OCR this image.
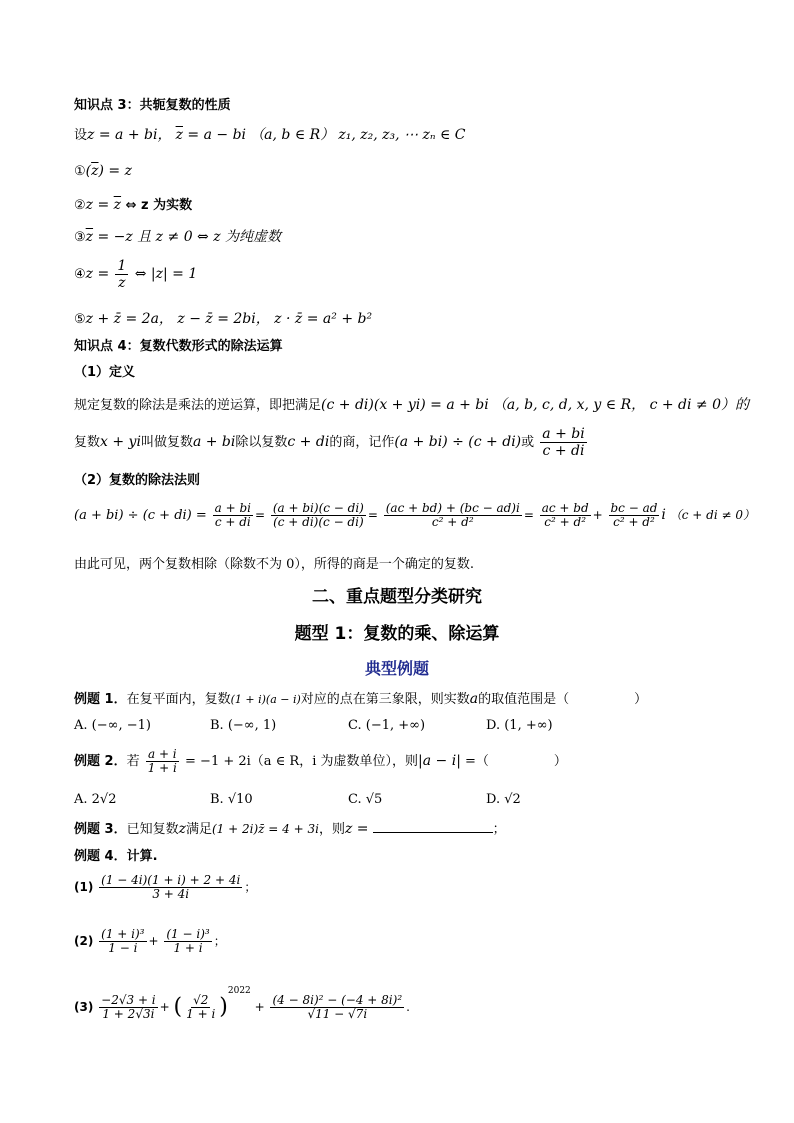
知识点 3：共轭复数的性质
设z = a + bi， $\overline{z} = a$ − bi （a, b ∈ R） z₁, z₂, z₃, ⋯ zₙ ∈ C
$①(\overline{z}) = z$
②z = $\overline{z}$ ⇔ z 为实数
$③\overline{z} = -z$ 且 z ≠ 0 ⇔ z 为纯虚数
④z = $\frac{1}{z}$ ⇔ |z| = 1
⑤z + z̄ = 2a， z − z̄ = 2bi， z · z̄ = a² + b²
知识点 4：复数代数形式的除法运算
（1）定义
规定复数的除法是乘法的逆运算，即把满足(c + di)(x + yi) = a + bi （a, b, c, d, x, y ∈ R， c + di ≠ 0）的
复数x + yi叫做复数a + bi除以复数c + di的商，记作(a + bi) ÷ (c + di)或 $\frac{a + bi}{c + di}$
（2）复数的除法法则
$(a + bi) \div (c + di) = \frac{a + bi}{c + di} = \frac{(a + bi)(c - di)}{(c + di)(c - di)} = \frac{(ac + bd) + (bc - ad)i}{\text{c² + d²}} = \frac{ac + bd}{\text{c² + d²}} + \frac{bc - ad}{\text{c² + d²}}$ i （c + di ≠ 0）
由此可见，两个复数相除（除数不为 0），所得的商是一个确定的复数.
二、重点题型分类研究
题型 1：复数的乘、除运算
典型例题
例题 1．在复平面内，复数(1 + i)(a − i)对应的点在第三象限，则实数a的取值范围是（　　　　　）
A. (−∞, −1)	B. (−∞, 1)	C. (−1, +∞)	D. (1, +∞)
例题 2．若 $\frac{a + i}{1 + i} = -1 + 2i(a$ ∈ R，i 为虚数单位），则|a − i| =（　　　　　）
A. 2√2	B. √10	C. √5	D. √2
例题 3．已知复数z满足(1 + 2i)z̄ = 4 + 3i，则z =	；
例题 4．计算.
$(1) \frac{(1 - 4i)(1 + i) + 2 + 4i}{3 + 4i}$ ；
$(2) \frac{\text{(1 + i)³}}{1 - i} + \frac{\text{(1 − i)³}}{1 + i}$ ；
$(3) \frac{-2√3 + i}{1 + 2√3i}$ + ( $\frac{√2}{1 + i} )^{2022} + \frac{\text{(4 − 8i)² − (−4 + 8i)²}}{√11 - √7i}$ .
